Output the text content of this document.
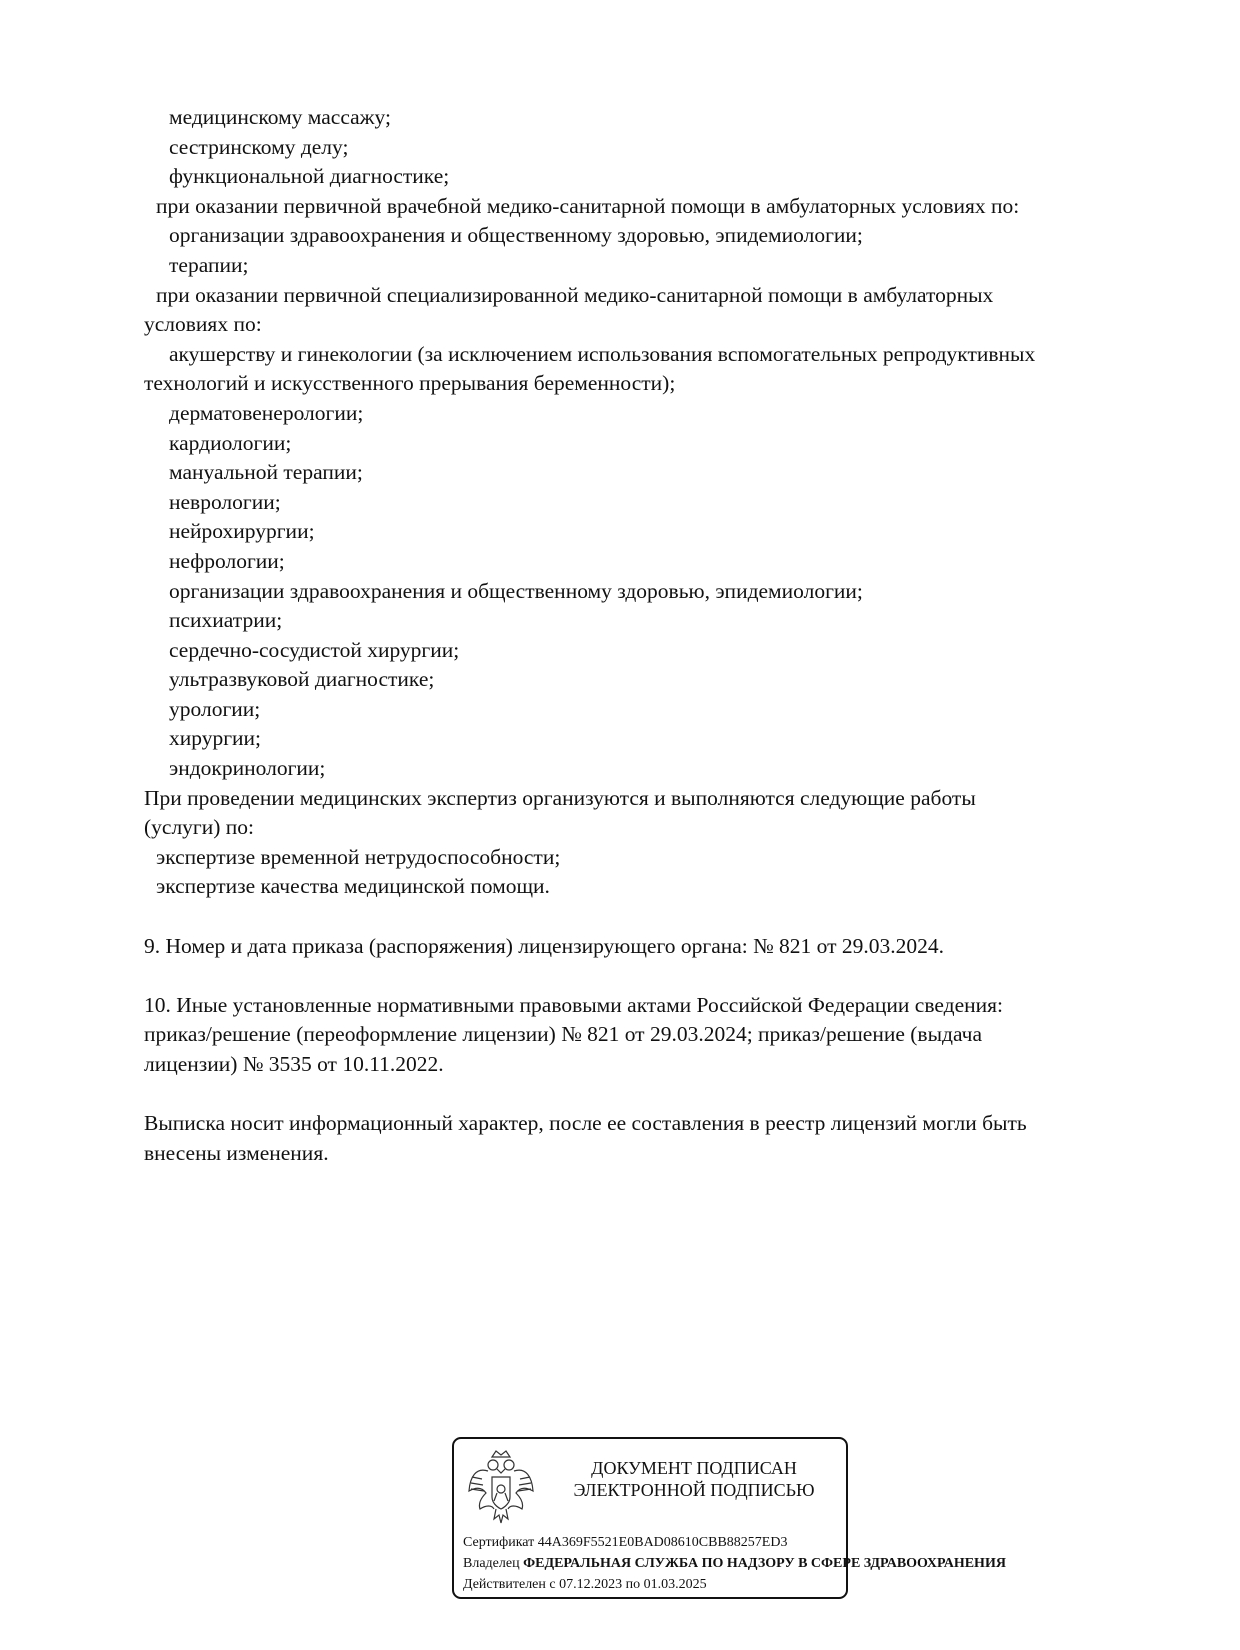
медицинскому массажу;
сестринскому делу;
функциональной диагностике;
при оказании первичной врачебной медико-санитарной помощи в амбулаторных условиях по:
организации здравоохранения и общественному здоровью, эпидемиологии;
терапии;
при оказании первичной специализированной медико-санитарной помощи в амбулаторных
условиях по:
акушерству и гинекологии (за исключением использования вспомогательных репродуктивных
технологий и искусственного прерывания беременности);
дерматовенерологии;
кардиологии;
мануальной терапии;
неврологии;
нейрохирургии;
нефрологии;
организации здравоохранения и общественному здоровью, эпидемиологии;
психиатрии;
сердечно-сосудистой хирургии;
ультразвуковой диагностике;
урологии;
хирургии;
эндокринологии;
При проведении медицинских экспертиз организуются и выполняются следующие работы
(услуги) по:
экспертизе временной нетрудоспособности;
экспертизе качества медицинской помощи.
9. Номер и дата приказа (распоряжения) лицензирующего органа: № 821 от 29.03.2024.
10. Иные установленные нормативными правовыми актами Российской Федерации сведения:
приказ/решение (переоформление лицензии) № 821 от 29.03.2024; приказ/решение (выдача
лицензии) № 3535 от 10.11.2022.
Выписка носит информационный характер, после ее составления в реестр лицензий могли быть
внесены изменения.
ДОКУМЕНТ ПОДПИСАН
ЭЛЕКТРОННОЙ ПОДПИСЬЮ
Сертификат 44A369F5521E0BAD08610CBB88257ED3
Владелец ФЕДЕРАЛЬНАЯ СЛУЖБА ПО НАДЗОРУ В СФЕРЕ ЗДРАВООХРАНЕНИЯ
Действителен с 07.12.2023 по 01.03.2025
